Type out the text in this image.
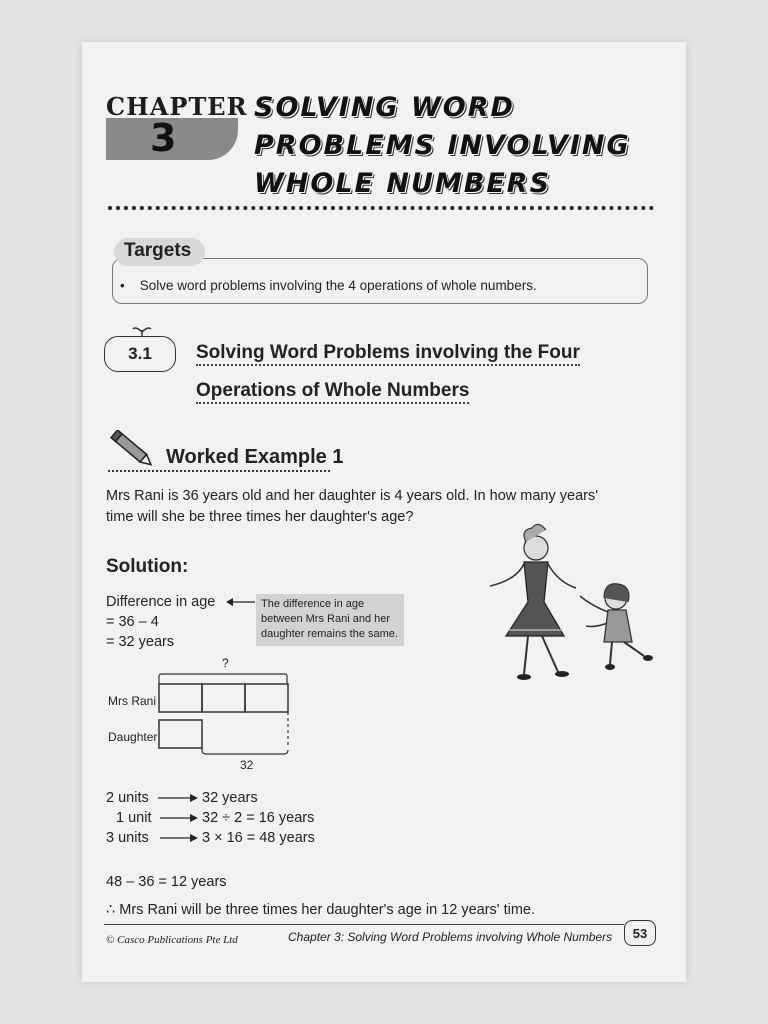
CHAPTER
3
SOLVING WORD
PROBLEMS INVOLVING
WHOLE NUMBERS
Targets
•    Solve word problems involving the 4 operations of whole numbers.
3.1 Solving Word Problems involving the Four
Operations of Whole Numbers
Worked Example 1
Mrs Rani is 36 years old and her daughter is 4 years old. In how many years'
time will she be three times her daughter's age?
Solution:
Difference in age
= 36 – 4
= 32 years
The difference in age
between Mrs Rani and her
daughter remains the same.
?
Mrs Rani
Daughter
32
2 units
1 unit
3 units
32 years
32 ÷ 2 = 16 years
3 × 16 = 48 years
48 – 36 = 12 years
∴ Mrs Rani will be three times her daughter's age in 12 years' time.
© Casco Publications Pte Ltd	Chapter 3: Solving Word Problems involving Whole Numbers 53
